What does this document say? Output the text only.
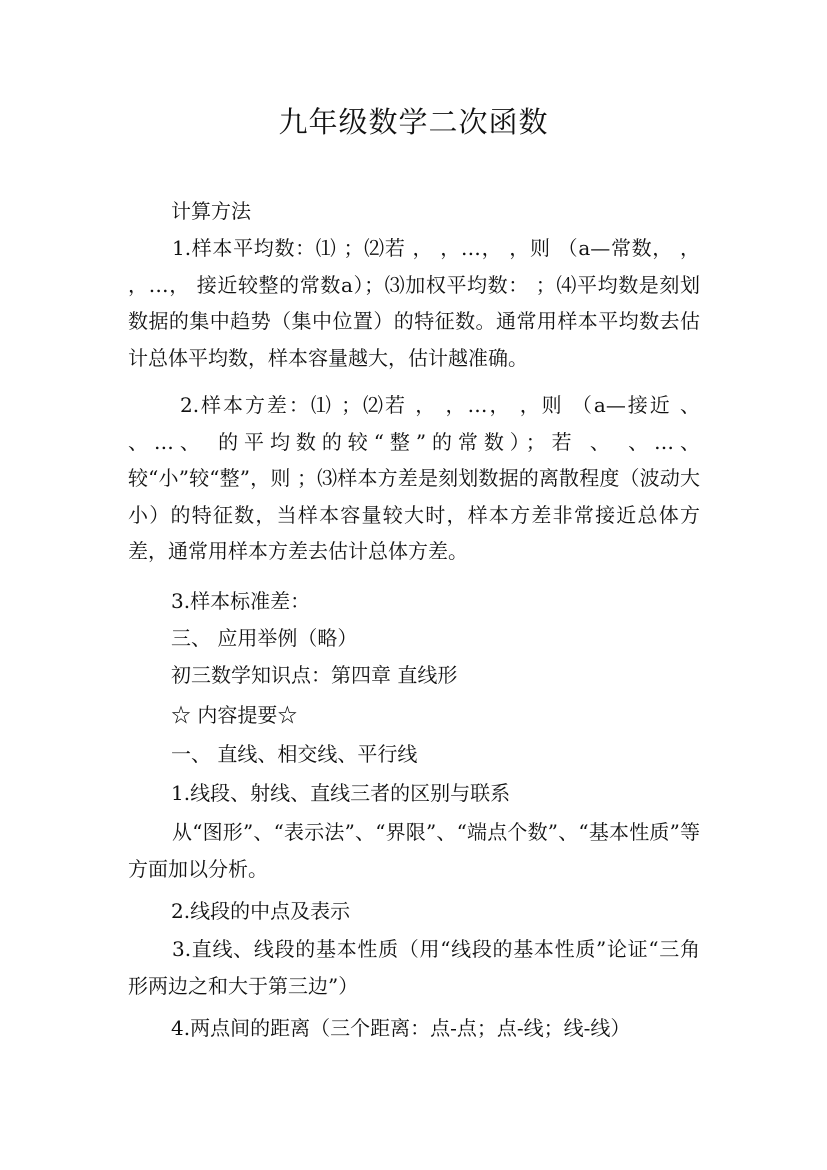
九年级数学二次函数

计算方法

1.样本平均数：⑴ ；⑵若 ， ，…， ，则 （a—常数， ， ，…， 接近较整的常数a）；⑶加权平均数： ；⑷平均数是刻划数据的集中趋势（集中位置）的特征数。通常用样本平均数去估计总体平均数，样本容量越大，估计越准确。

2.样本方差：⑴ ；⑵若 ， ，…， ，则 （a—接近 、 、…、 的平均数的较“整”的常数）；若 、 、…、 较“小”较“整”，则 ；⑶样本方差是刻划数据的离散程度（波动大小）的特征数，当样本容量较大时，样本方差非常接近总体方差，通常用样本方差去估计总体方差。

3.样本标准差：

三、 应用举例（略）

初三数学知识点：第四章 直线形

☆ 内容提要☆

一、 直线、相交线、平行线

1.线段、射线、直线三者的区别与联系

从“图形”、“表示法”、“界限”、“端点个数”、“基本性质”等方面加以分析。

2.线段的中点及表示

3.直线、线段的基本性质（用“线段的基本性质”论证“三角形两边之和大于第三边”）

4.两点间的距离（三个距离：点-点；点-线；线-线）
